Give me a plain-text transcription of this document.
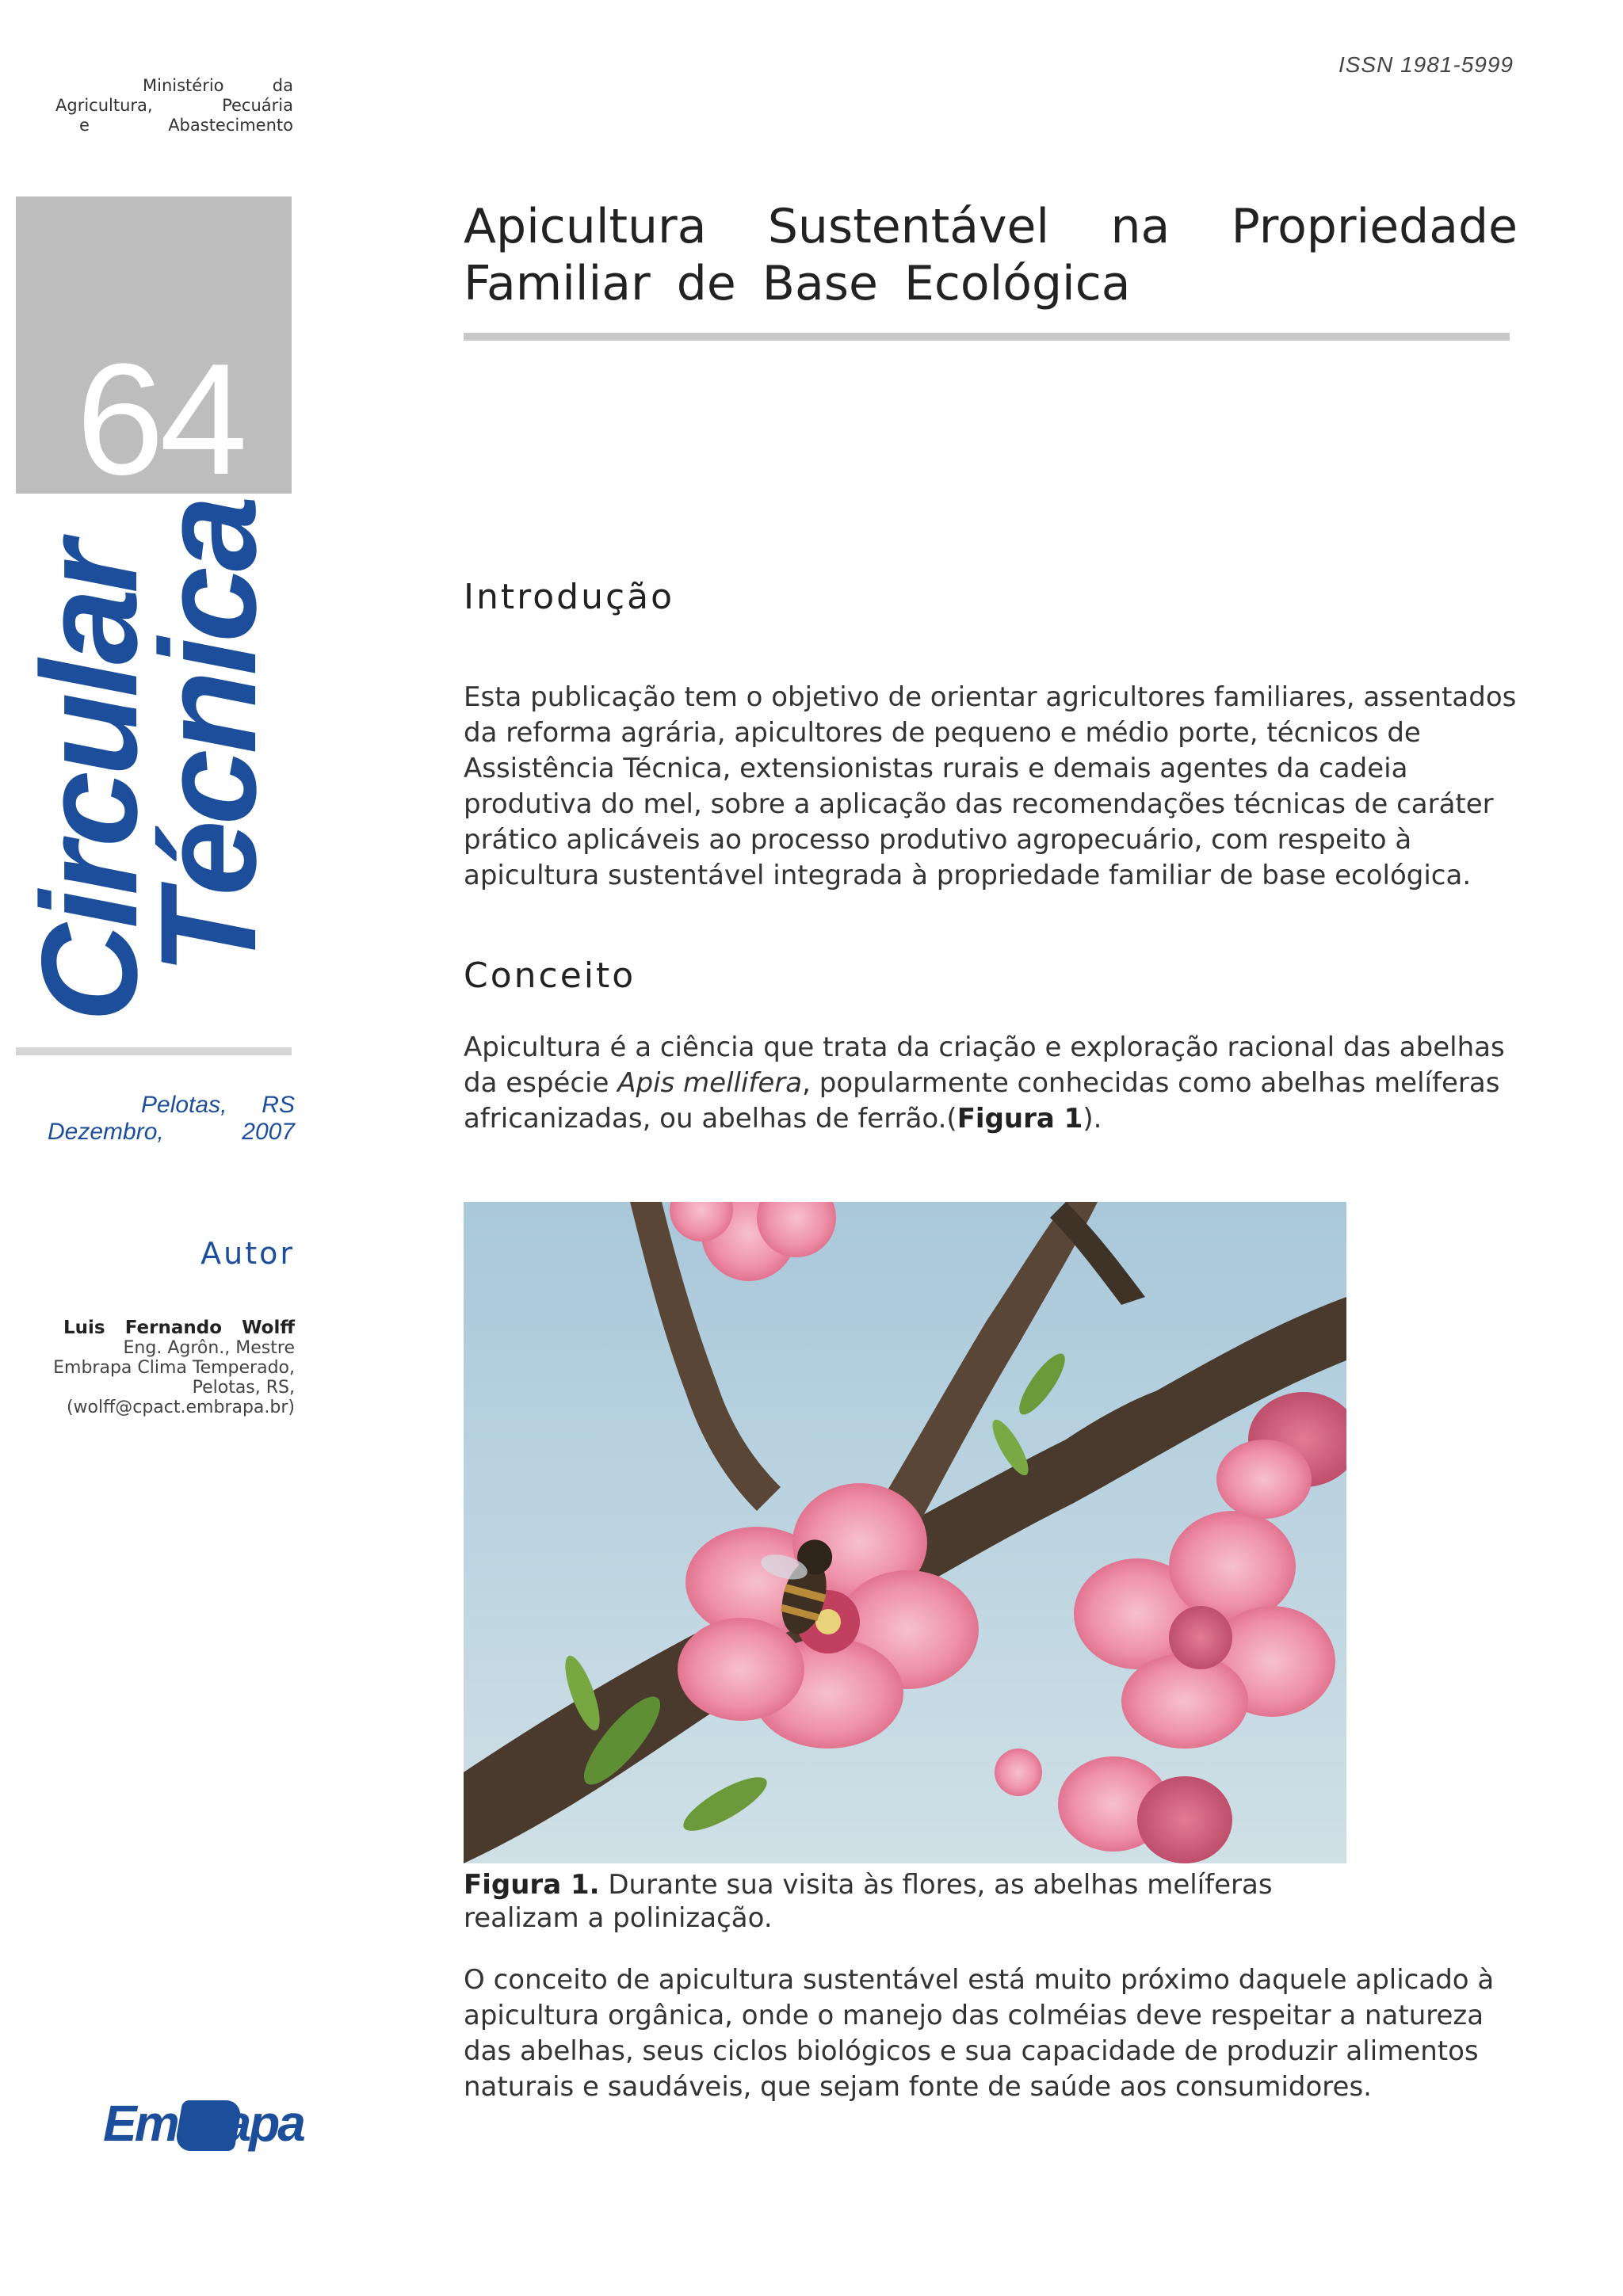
Ministério da
Agricultura, Pecuária
e Abastecimento
64
Circular
Técnica
Pelotas, RS
Dezembro, 2007
Autor
Luis Fernando Wolff
Eng. Agrôn., Mestre
Embrapa Clima Temperado,
Pelotas, RS,
(wolff@cpact.embrapa.br)
Embrapa
ISSN 1981-5999
Apicultura Sustentável na Propriedade
Familiar de Base Ecológica
Introdução
Esta publicação tem o objetivo de orientar agricultores familiares, assentados da reforma agrária, apicultores de pequeno e médio porte, técnicos de Assistência Técnica, extensionistas rurais e demais agentes da cadeia produtiva do mel, sobre a aplicação das recomendações técnicas de caráter prático aplicáveis ao processo produtivo agropecuário, com respeito à apicultura sustentável integrada à propriedade familiar de base ecológica.
Conceito
Apicultura é a ciência que trata da criação e exploração racional das abelhas da espécie Apis mellifera, popularmente conhecidas como abelhas melíferas africanizadas, ou abelhas de ferrão.(Figura 1).
Figura 1. Durante sua visita às flores, as abelhas melíferas realizam a polinização.
O conceito de apicultura sustentável está muito próximo daquele aplicado à apicultura orgânica, onde o manejo das colméias deve respeitar a natureza das abelhas, seus ciclos biológicos e sua capacidade de produzir alimentos naturais e saudáveis, que sejam fonte de saúde aos consumidores.
